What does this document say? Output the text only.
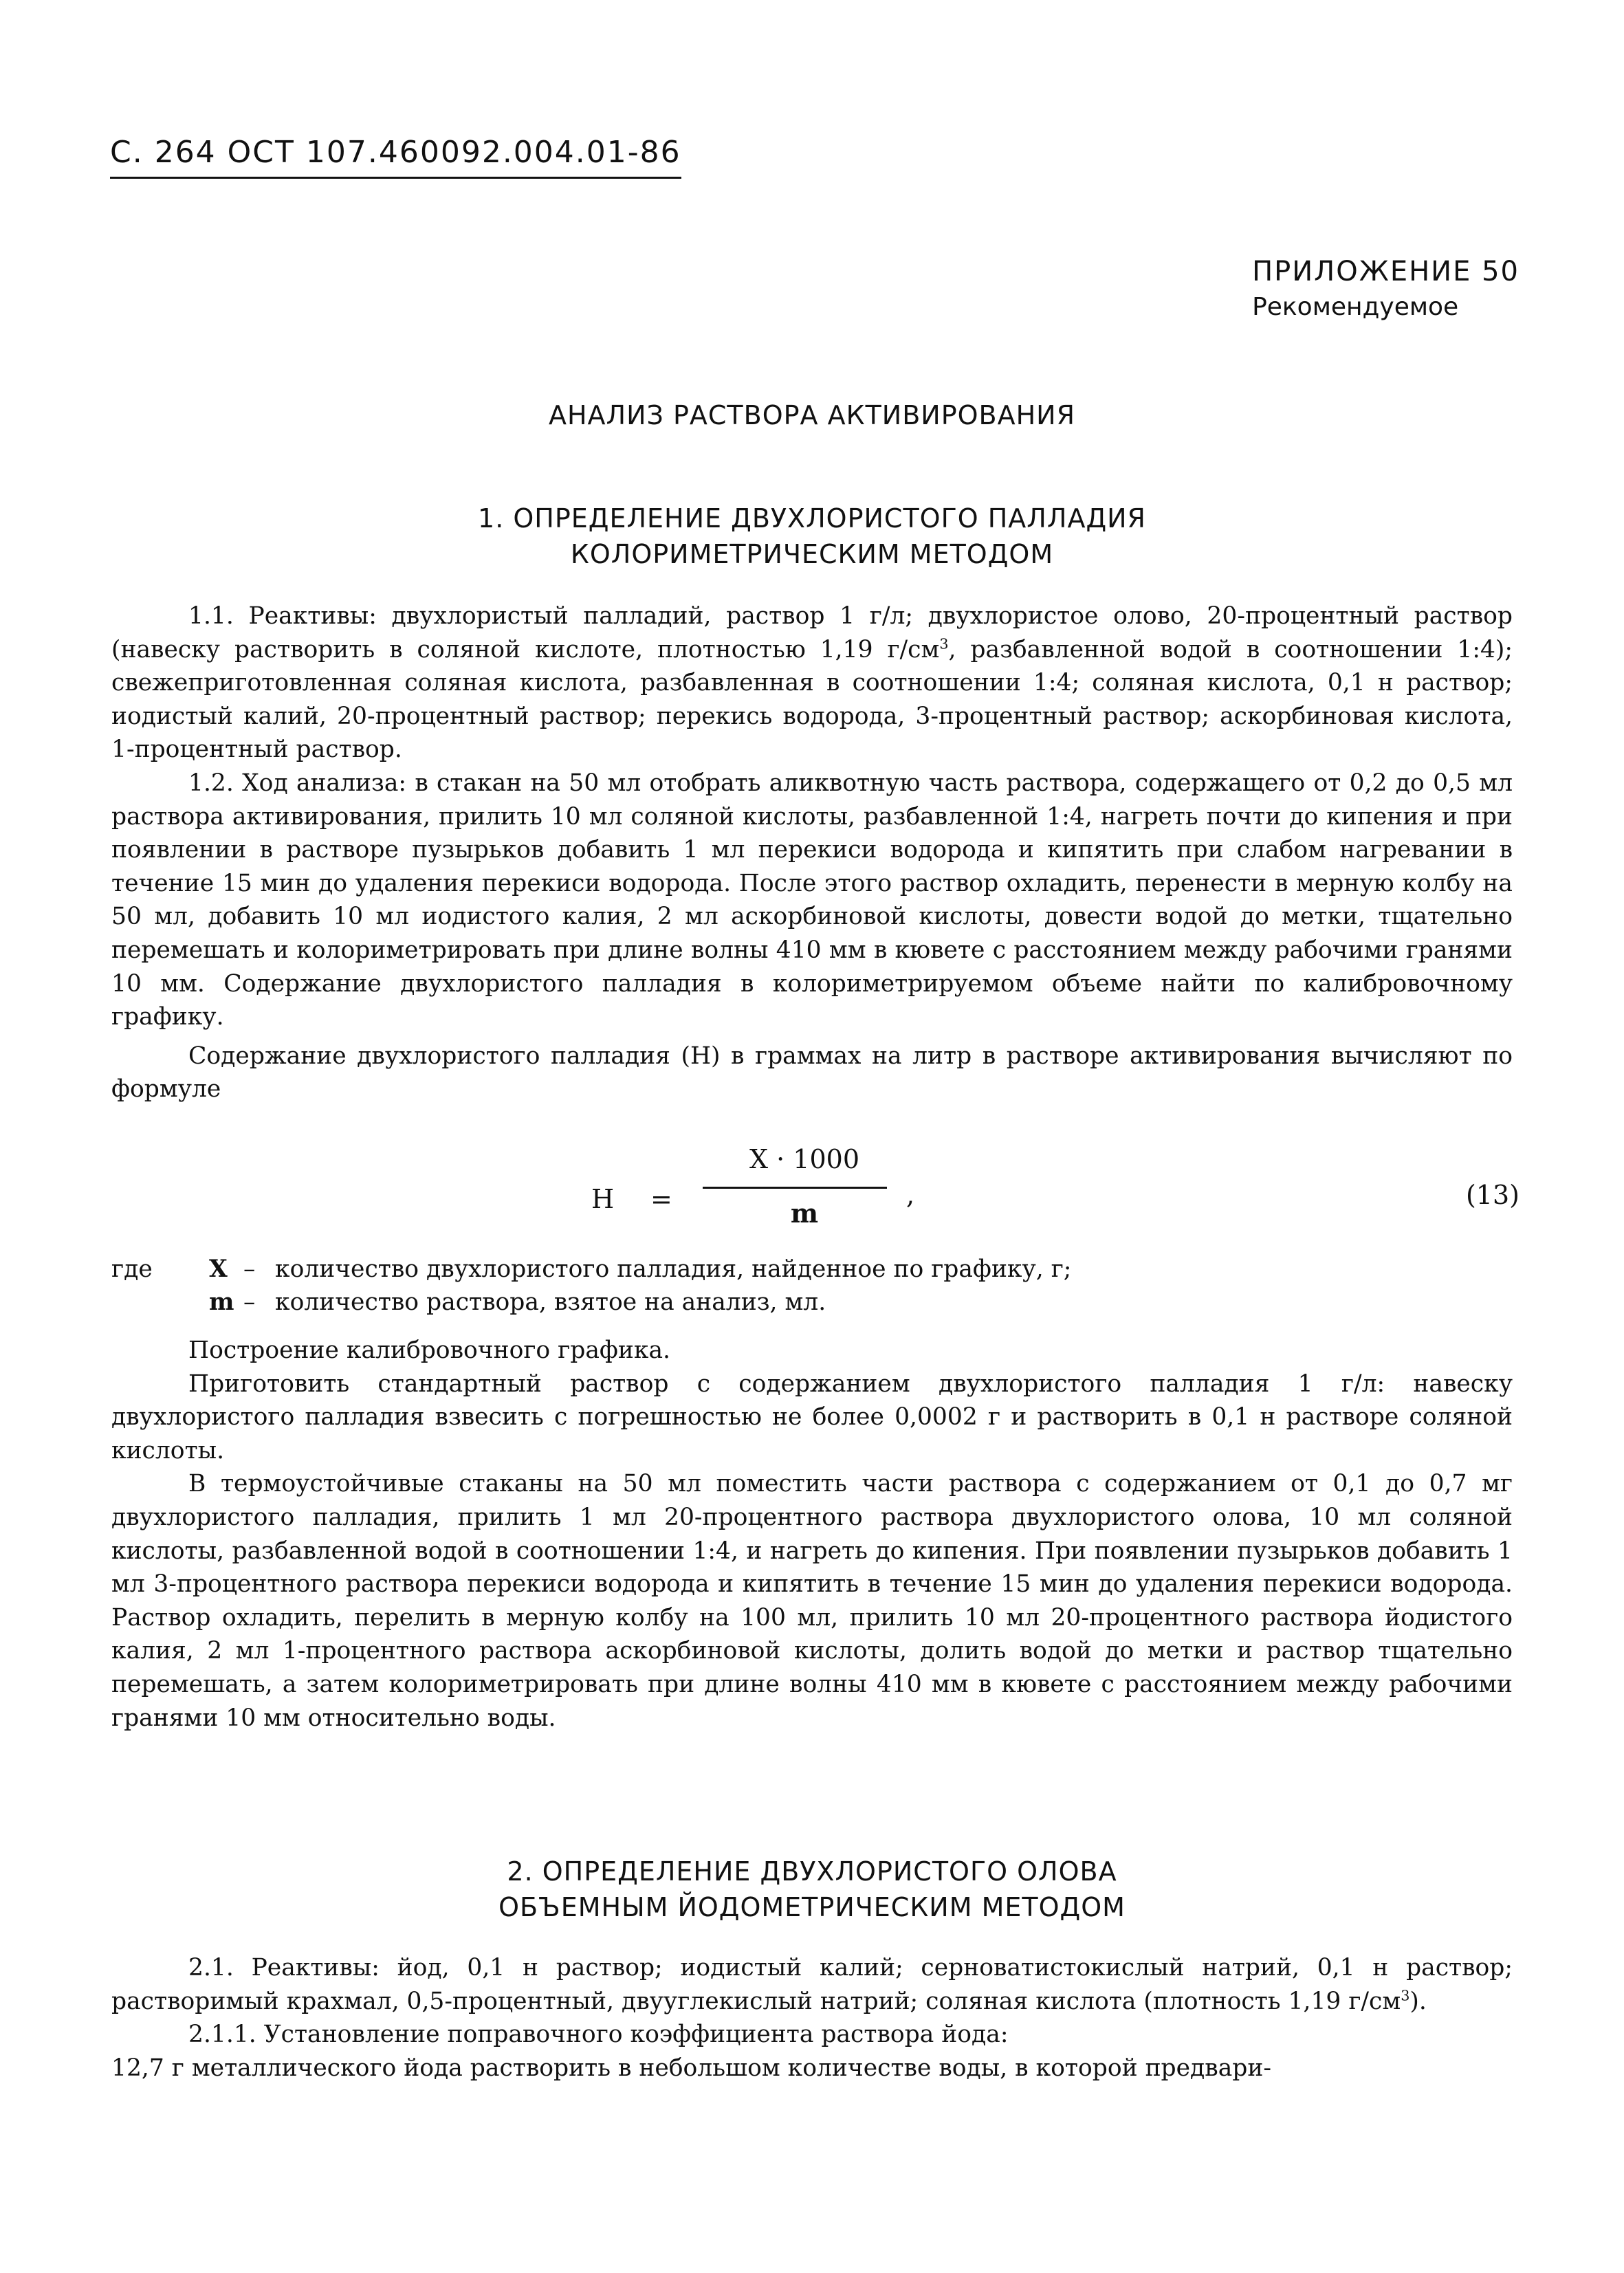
С. 264 ОСТ 107.460092.004.01-86
ПРИЛОЖЕНИЕ 50
Рекомендуемое
АНАЛИЗ РАСТВОРА АКТИВИРОВАНИЯ
1. ОПРЕДЕЛЕНИЕ ДВУХЛОРИСТОГО ПАЛЛАДИЯ
КОЛОРИМЕТРИЧЕСКИМ МЕТОДОМ

1.1. Реактивы: двухлористый палладий, раствор 1 г/л; двухлористое олово, 20-процентный раствор (навеску растворить в соляной кислоте, плотностью 1,19 $г/см^3$, разбавленной водой в соотношении 1:4); свежеприготовленная соляная кислота, разбавленная в соотношении 1:4; соляная кислота, 0,1 н раствор; иодистый калий, 20-процентный раствор; перекись водорода, 3-процентный раствор; аскорбиновая кислота, 1-процентный раствор.

1.2. Ход анализа: в стакан на 50 мл отобрать аликвотную часть раствора, содержащего от 0,2 до 0,5 мл раствора активирования, прилить 10 мл соляной кислоты, разбавленной 1:4, нагреть почти до кипения и при появлении в растворе пузырьков добавить 1 мл перекиси водорода и кипятить при слабом нагревании в течение 15 мин до удаления перекиси водорода. После этого раствор охладить, перенести в мерную колбу на 50 мл, добавить 10 мл иодистого калия, 2 мл аскорбиновой кислоты, довести водой до метки, тщательно перемешать и колориметрировать при длине волны 410 мм в кювете с расстоянием между рабочими гранями 10 мм. Содержание двухлористого палладия в колориметрируемом объеме найти по калибровочному графику.

Содержание двухлористого палладия (Н) в граммах на литр в растворе активирования вычисляют по формуле

Н =
Х · 1000
m
,	(13)
где	Х – количество двухлористого палладия, найденное по графику, г;
m – количество раствора, взятое на анализ, мл.

Построение калибровочного графика.

Приготовить стандартный раствор с содержанием двухлористого палладия 1 г/л: навеску двухлористого палладия взвесить с погрешностью не более 0,0002 г и растворить в 0,1 н растворе соляной кислоты.

В термоустойчивые стаканы на 50 мл поместить части раствора с содержанием от 0,1 до 0,7 мг двухлористого палладия, прилить 1 мл 20-процентного раствора двухлористого олова, 10 мл соляной кислоты, разбавленной водой в соотношении 1:4, и нагреть до кипения. При появлении пузырьков добавить 1 мл 3-процентного раствора перекиси водорода и кипятить в течение 15 мин до удаления перекиси водорода. Раствор охладить, перелить в мерную колбу на 100 мл, прилить 10 мл 20-процентного раствора йодистого калия, 2 мл 1-процентного раствора аскорбиновой кислоты, долить водой до метки и раствор тщательно перемешать, а затем колориметрировать при длине волны 410 мм в кювете с расстоянием между рабочими гранями 10 мм относительно воды.

2. ОПРЕДЕЛЕНИЕ ДВУХЛОРИСТОГО ОЛОВА
ОБЪЕМНЫМ ЙОДОМЕТРИЧЕСКИМ МЕТОДОМ

2.1. Реактивы: йод, 0,1 н раствор; иодистый калий; серноватистокислый натрий, 0,1 н раствор; растворимый крахмал, 0,5-процентный, двууглекислый натрий; соляная кислота (плотность 1,19 $г/см^3$).

2.1.1. Установление поправочного коэффициента раствора йода:

12,7 г металлического йода растворить в небольшом количестве воды, в которой предвари-
